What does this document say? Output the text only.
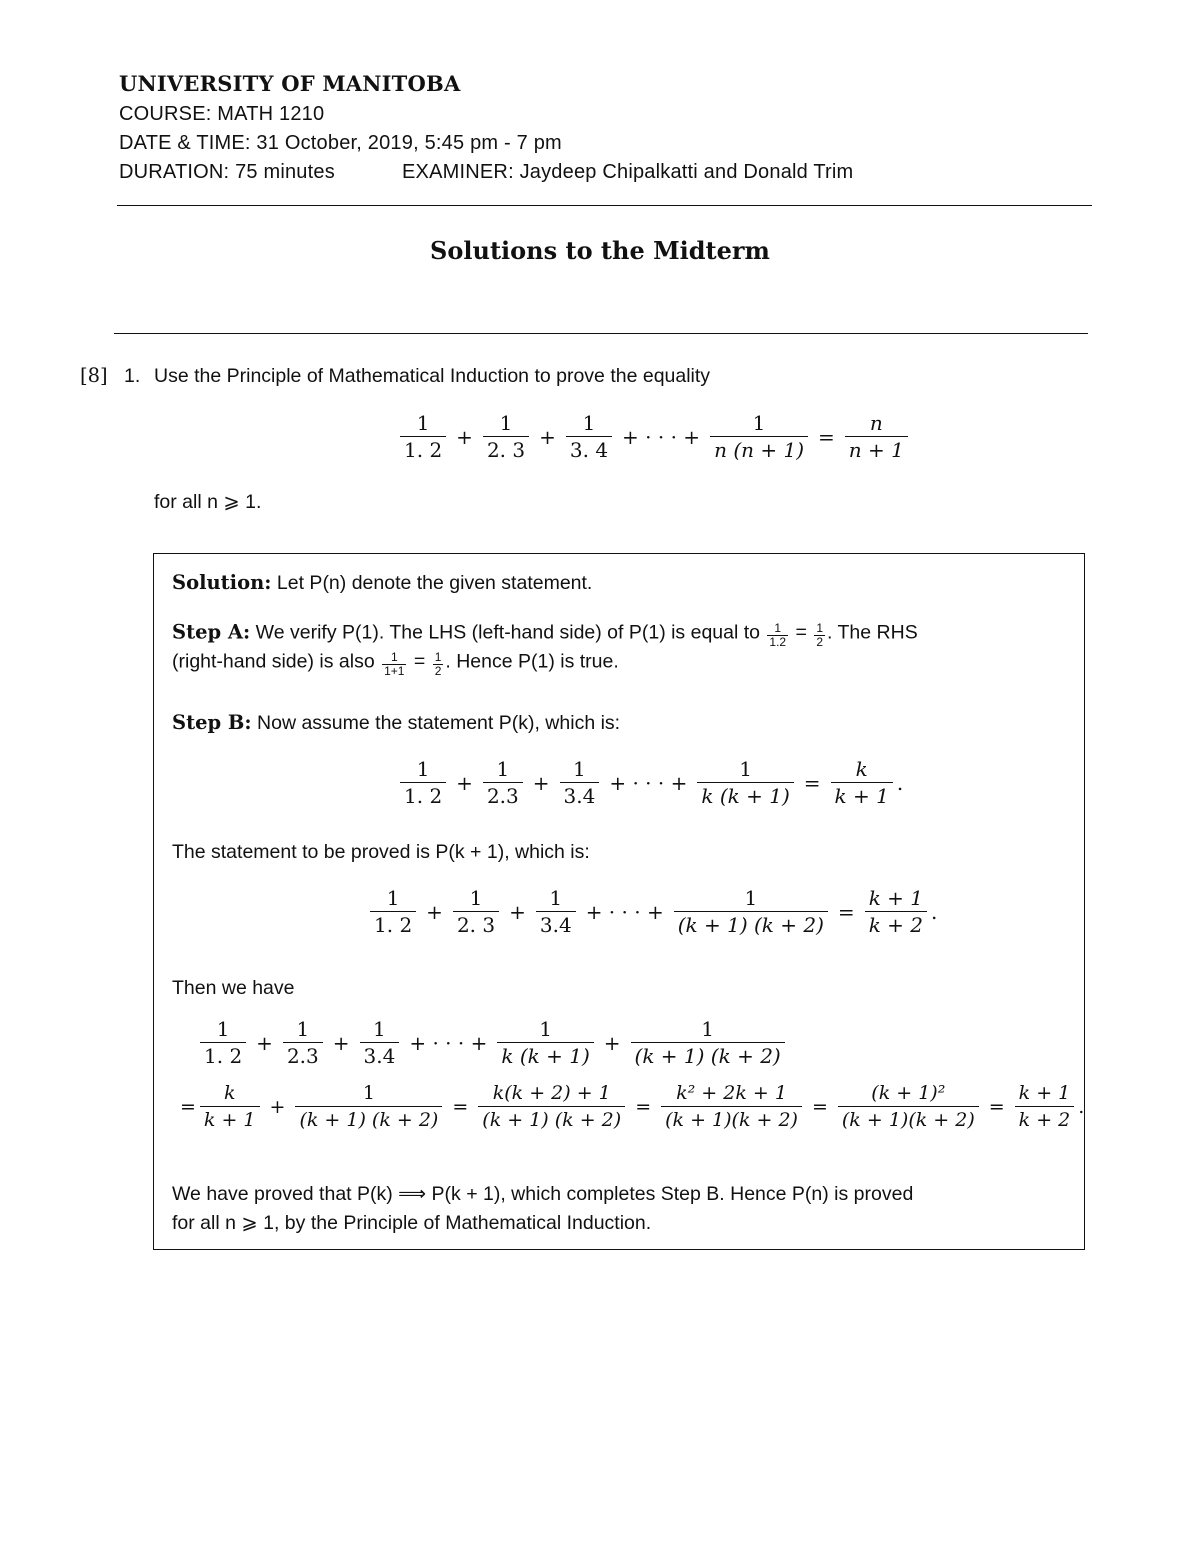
UNIVERSITY OF MANITOBA
COURSE: MATH 1210
DATE & TIME: 31 October, 2019, 5:45 pm - 7 pm
DURATION: 75 minutes	EXAMINER: Jaydeep Chipalkatti and Donald Trim
Solutions to the Midterm
[8] 1. Use the Principle of Mathematical Induction to prove the equality
$\frac{1}{1. 2} + \frac{1}{2. 3} + \frac{1}{3. 4}$ + · · · + $\frac{1}{n (n + 1)} = \frac{n}{n + 1}$
for all n ⩾ 1.
Solution: Let P(n) denote the given statement.
Step A: We verify P(1). The LHS (left-hand side) of P(1) is equal to $\frac{1}{1.2} = \frac{1}{2}$ . The RHS
(right-hand side) is also $\frac{1}{1+1} = \frac{1}{2}$ . Hence P(1) is true.
Step B: Now assume the statement P(k), which is:
$\frac{1}{1. 2} + \frac{1}{2.3} + \frac{1}{3.4}$ + · · · + $\frac{1}{k (k + 1)} = \frac{k}{k + 1}$ .
The statement to be proved is P(k + 1), which is:
$\frac{1}{1. 2} + \frac{1}{2. 3} + \frac{1}{3.4}$ + · · · + $\frac{1}{(k + 1) (k + 2)} = \frac{k + 1}{k + 2}$ .
Then we have
$\frac{1}{1. 2} + \frac{1}{2.3} + \frac{1}{3.4}$ + · · · + $\frac{1}{k (k + 1)} + \frac{1}{(k + 1) (k + 2)}$
= $\frac{k}{k + 1} + \frac{1}{(k + 1) (k + 2)} = \frac{k(k + 2) + 1}{(k + 1) (k + 2)} = \frac{\text{k² + 2k + 1}}{(k + 1)(k + 2)} = \frac{\text{(k + 1)²}}{(k + 1)(k + 2)} = \frac{k + 1}{k + 2}$ .
We have proved that P(k) ⟹ P(k + 1), which completes Step B. Hence P(n) is proved
for all n ⩾ 1, by the Principle of Mathematical Induction.
